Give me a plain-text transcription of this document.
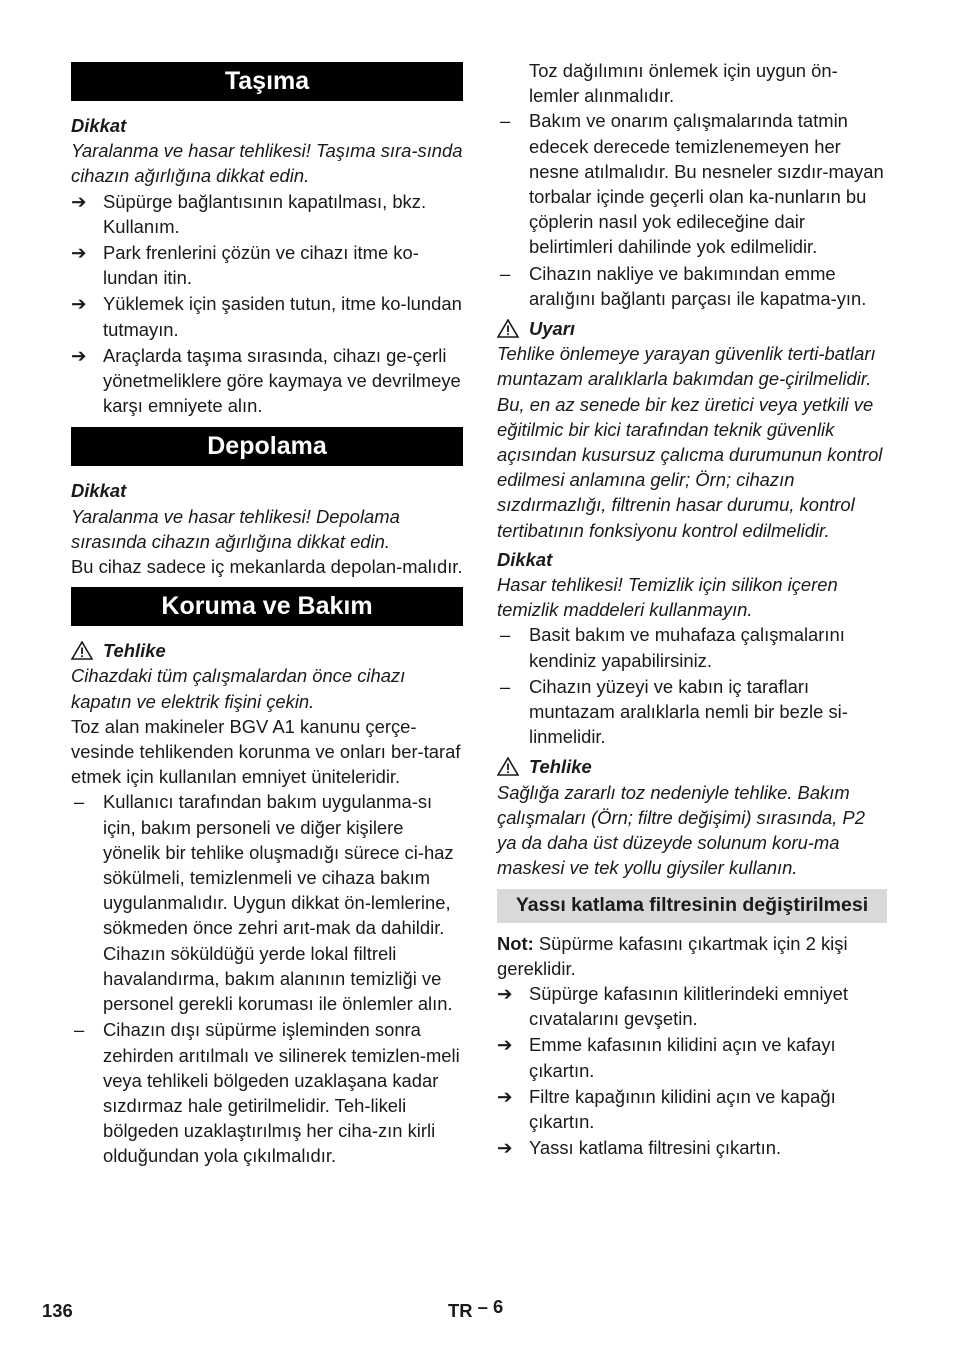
Taşıma

Dikkat

Yaralanma ve hasar tehlikesi! Taşıma sıra-sında cihazın ağırlığına dikkat edin.

➔ Süpürge bağlantısının kapatılması, bkz. Kullanım.
➔ Park frenlerini çözün ve cihazı itme ko-lundan itin.
➔ Yüklemek için şasiden tutun, itme ko-lundan tutmayın.
➔ Araçlarda taşıma sırasında, cihazı ge-çerli yönetmeliklere göre kaymaya ve devrilmeye karşı emniyete alın.
Depolama

Dikkat

Yaralanma ve hasar tehlikesi! Depolama sırasında cihazın ağırlığına dikkat edin.

Bu cihaz sadece iç mekanlarda depolan-malıdır.

Koruma ve Bakım
Tehlike

Cihazdaki tüm çalışmalardan önce cihazı kapatın ve elektrik fişini çekin.

Toz alan makineler BGV A1 kanunu çerçe-vesinde tehlikenden korunma ve onları ber-taraf etmek için kullanılan emniyet üniteleridir.

–	Kullanıcı tarafından bakım uygulanma-sı için, bakım personeli ve diğer kişilere yönelik bir tehlike oluşmadığı sürece ci-haz sökülmeli, temizlenmeli ve cihaza bakım uygulanmalıdır. Uygun dikkat ön-lemlerine, sökmeden önce zehri arıt-mak da dahildir. Cihazın söküldüğü yerde lokal filtreli havalandırma, bakım alanının temizliği ve personel gerekli koruması ile önlemler alın.
–	Cihazın dışı süpürme işleminden sonra zehirden arıtılmalı ve silinerek temizlen-meli veya tehlikeli bölgeden uzaklaşana kadar sızdırmaz hale getirilmelidir. Teh-likeli bölgeden uzaklaştırılmış her ciha-zın kirli olduğundan yola çıkılmalıdır.

Toz dağılımını önlemek için uygun ön-lemler alınmalıdır.

–	Bakım ve onarım çalışmalarında tatmin edecek derecede temizlenemeyen her nesne atılmalıdır. Bu nesneler sızdır-mayan torbalar içinde geçerli olan ka-nunların bu çöplerin nasıl yok edileceğine dair belirtimleri dahilinde yok edilmelidir.
–	Cihazın nakliye ve bakımından emme aralığını bağlantı parçası ile kapatma-yın.
Uyarı

Tehlike önlemeye yarayan güvenlik terti-batları muntazam aralıklarla bakımdan ge-çirilmelidir. Bu, en az senede bir kez üretici veya yetkili ve eğitilmic bir kici tarafından teknik güvenlik açısından kusursuz çalıcma durumunun kontrol edilmesi anlamına gelir; Örn; cihazın sızdırmazlığı, filtrenin hasar durumu, kontrol tertibatının fonksiyonu kontrol edilmelidir.

Dikkat

Hasar tehlikesi! Temizlik için silikon içeren temizlik maddeleri kullanmayın.

–	Basit bakım ve muhafaza çalışmalarını kendiniz yapabilirsiniz.
–	Cihazın yüzeyi ve kabın iç tarafları muntazam aralıklarla nemli bir bezle si-linmelidir.
Tehlike

Sağlığa zararlı toz nedeniyle tehlike. Bakım çalışmaları (Örn; filtre değişimi) sırasında, P2 ya da daha üst düzeyde solunum koru-ma maskesi ve tek yollu giysiler kullanın.

Yassı katlama filtresinin değiştirilmesi

Not: Süpürme kafasını çıkartmak için 2 kişi gereklidir.

➔ Süpürge kafasının kilitlerindeki emniyet cıvatalarını gevşetin.
➔ Emme kafasının kilidini açın ve kafayı çıkartın.
➔ Filtre kapağının kilidini açın ve kapağı çıkartın.
➔ Yassı katlama filtresini çıkartın.
136	TR – 6
